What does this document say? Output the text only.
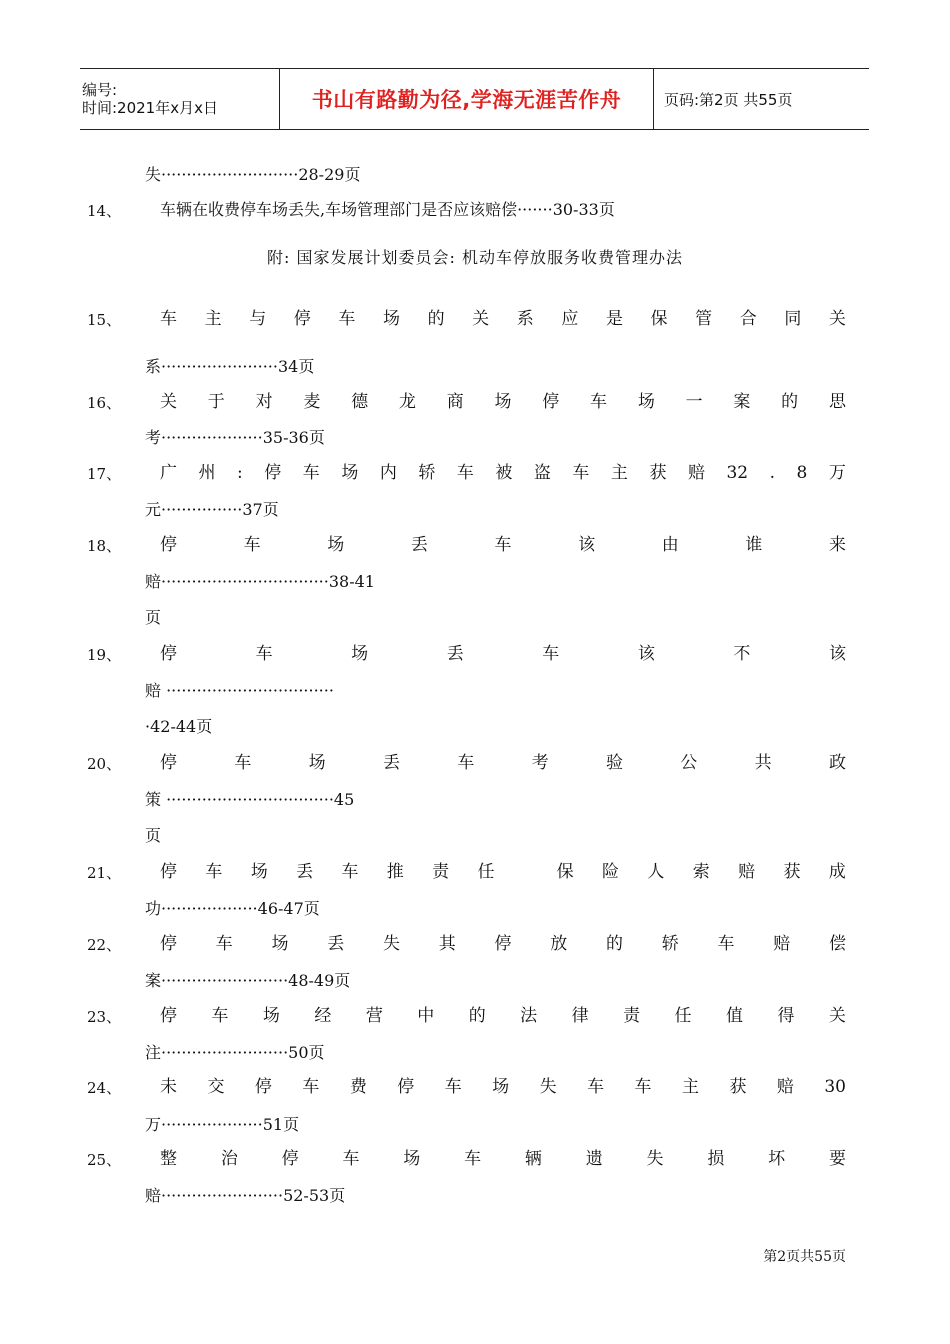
编号:
时间:2021年x月x日	书山有路勤为径,学海无涯苦作舟	页码:第2页 共55页
失···························28-29页
14、 车辆在收费停车场丢失,车场管理部门是否应该赔偿·······30-33页
附: 国家发展计划委员会: 机动车停放服务收费管理办法
15、 车 主 与 停 车 场 的 关 系 应 是 保 管 合 同 关
系·······················34页
16、 关 于 对 麦 德 龙 商 场 停 车 场 一 案 的 思
考····················35-36页
17、 广 州 : 停 车 场 内 轿 车 被 盗 车 主 获 赔 32 . 8 万
元················37页
18、 停	车	场	丢	车	该	由	谁	来
赔·································38-41
页
19、 停	车	场	丢	车	该	不	该
赔 ·································
·42-44页
20、 停	车	场	丢	车	考	验	公	共	政
策 ·································45
页
21、 停 车 场 丢 车 推 责 任
	保 险 人 索 赔 获 成
功···················46-47页
22、 停 车 场 丢 失 其 停 放 的 轿 车 赔 偿
案·························48-49页
23、 停 车 场 经 营 中 的 法 律 责 任 值 得 关
注·························50页
24、 未 交 停 车 费 停 车 场 失 车 车 主 获 赔 30
万····················51页
25、 整	治	停	车	场	车	辆	遗	失	损	坏	要
赔························52-53页
第2页共55页
